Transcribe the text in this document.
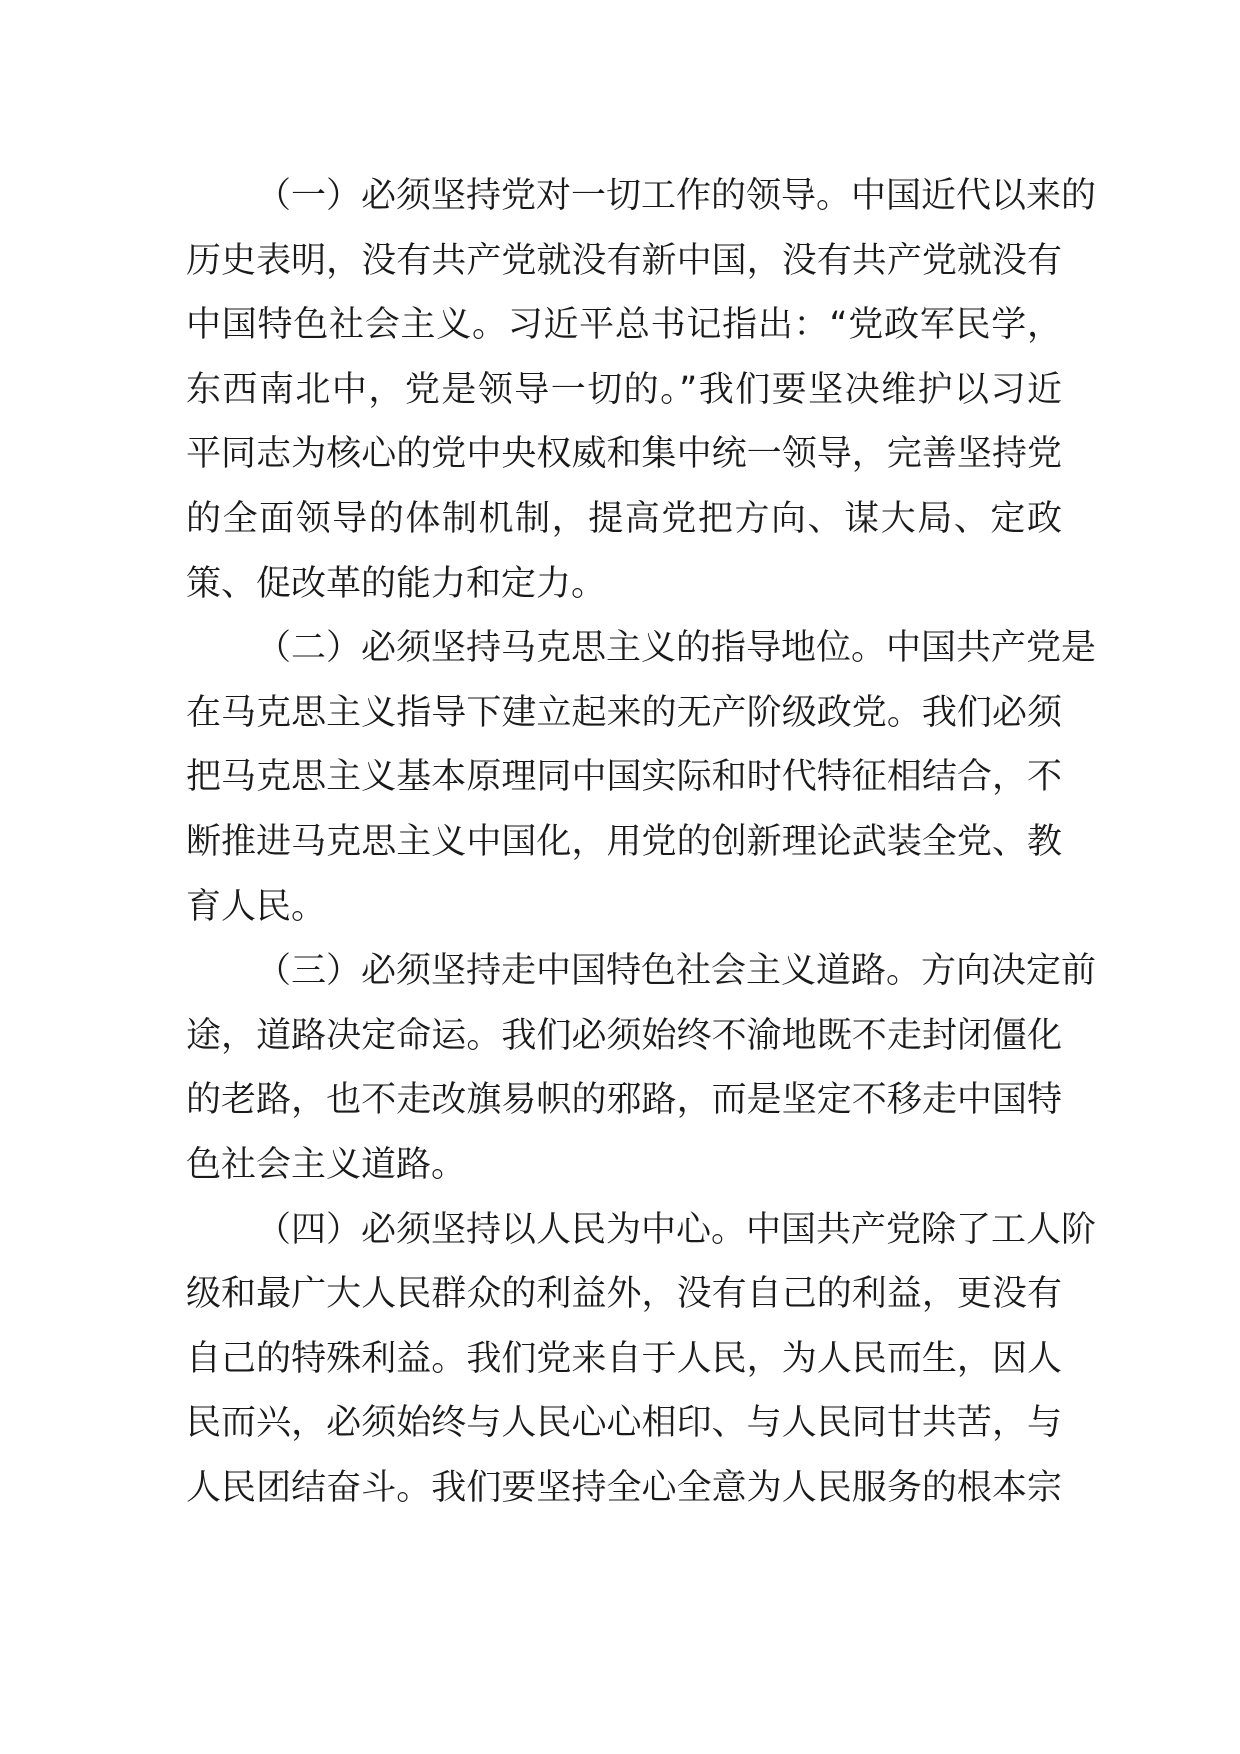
（一）必须坚持党对一切工作的领导。中国近代以来的
历史表明，没有共产党就没有新中国，没有共产党就没有
中国特色社会主义。习近平总书记指出：“党政军民学，
东西南北中，党是领导一切的。”我们要坚决维护以习近
平同志为核心的党中央权威和集中统一领导，完善坚持党
的全面领导的体制机制，提高党把方向、谋大局、定政
策、促改革的能力和定力。
（二）必须坚持马克思主义的指导地位。中国共产党是
在马克思主义指导下建立起来的无产阶级政党。我们必须
把马克思主义基本原理同中国实际和时代特征相结合，不
断推进马克思主义中国化，用党的创新理论武装全党、教
育人民。
（三）必须坚持走中国特色社会主义道路。方向决定前
途，道路决定命运。我们必须始终不渝地既不走封闭僵化
的老路，也不走改旗易帜的邪路，而是坚定不移走中国特
色社会主义道路。
（四）必须坚持以人民为中心。中国共产党除了工人阶
级和最广大人民群众的利益外，没有自己的利益，更没有
自己的特殊利益。我们党来自于人民，为人民而生，因人
民而兴，必须始终与人民心心相印、与人民同甘共苦，与
人民团结奋斗。我们要坚持全心全意为人民服务的根本宗
